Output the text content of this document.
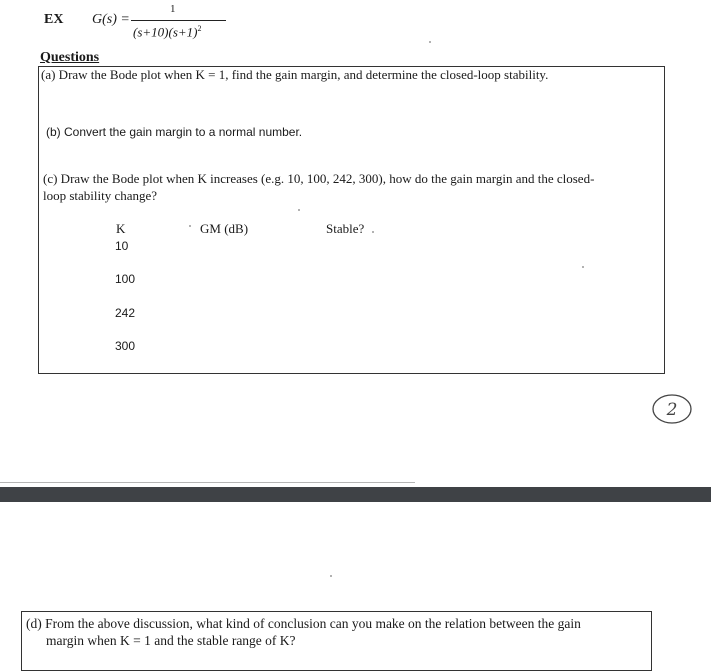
EX G(s) =
1
$(s+10)(s+1)^2$
Questions
(a) Draw the Bode plot when K = 1, find the gain margin, and determine the closed-loop stability.
(b) Convert the gain margin to a normal number.
(c) Draw the Bode plot when K increases (e.g. 10, 100, 242, 300), how do the gain margin and the closed-
loop stability change?
K	GM (dB)	Stable?
10
100
242
300
2
(d) From the above discussion, what kind of conclusion can you make on the relation between the gain
margin when K = 1 and the stable range of K?
